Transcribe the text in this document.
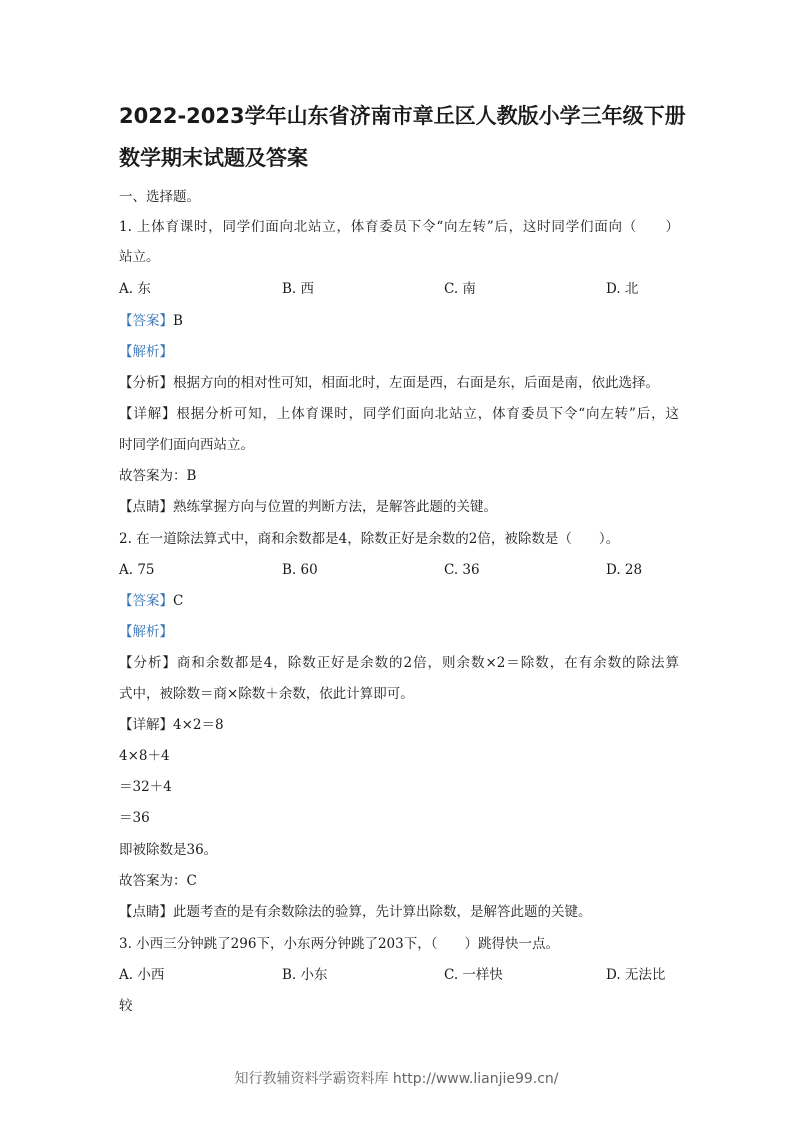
2022-2023学年山东省济南市章丘区人教版小学三年级下册
数学期末试题及答案
一、选择题。
1. 上体育课时，同学们面向北站立，体育委员下令“向左转”后，这时同学们面向（　　）
站立。
A. 东	B. 西	C. 南	D. 北
【答案】B
【解析】
【分析】根据方向的相对性可知，相面北时，左面是西，右面是东，后面是南，依此选择。
【详解】根据分析可知，上体育课时，同学们面向北站立，体育委员下令“向左转”后，这
时同学们面向西站立。
故答案为：B
【点睛】熟练掌握方向与位置的判断方法，是解答此题的关键。
2. 在一道除法算式中，商和余数都是4，除数正好是余数的2倍，被除数是（　　）。
A. 75	B. 60	C. 36	D. 28
【答案】C
【解析】
【分析】商和余数都是4，除数正好是余数的2倍，则余数×2＝除数，在有余数的除法算
式中，被除数＝商×除数＋余数，依此计算即可。
【详解】4×2＝8
4×8＋4
＝32＋4
＝36
即被除数是36。
故答案为：C
【点睛】此题考查的是有余数除法的验算，先计算出除数，是解答此题的关键。
3. 小西三分钟跳了296下，小东两分钟跳了203下，（　　）跳得快一点。
A. 小西	B. 小东	C. 一样快	D. 无法比
较
知行教辅资料学霸资料库 http://www.lianjie99.cn/
